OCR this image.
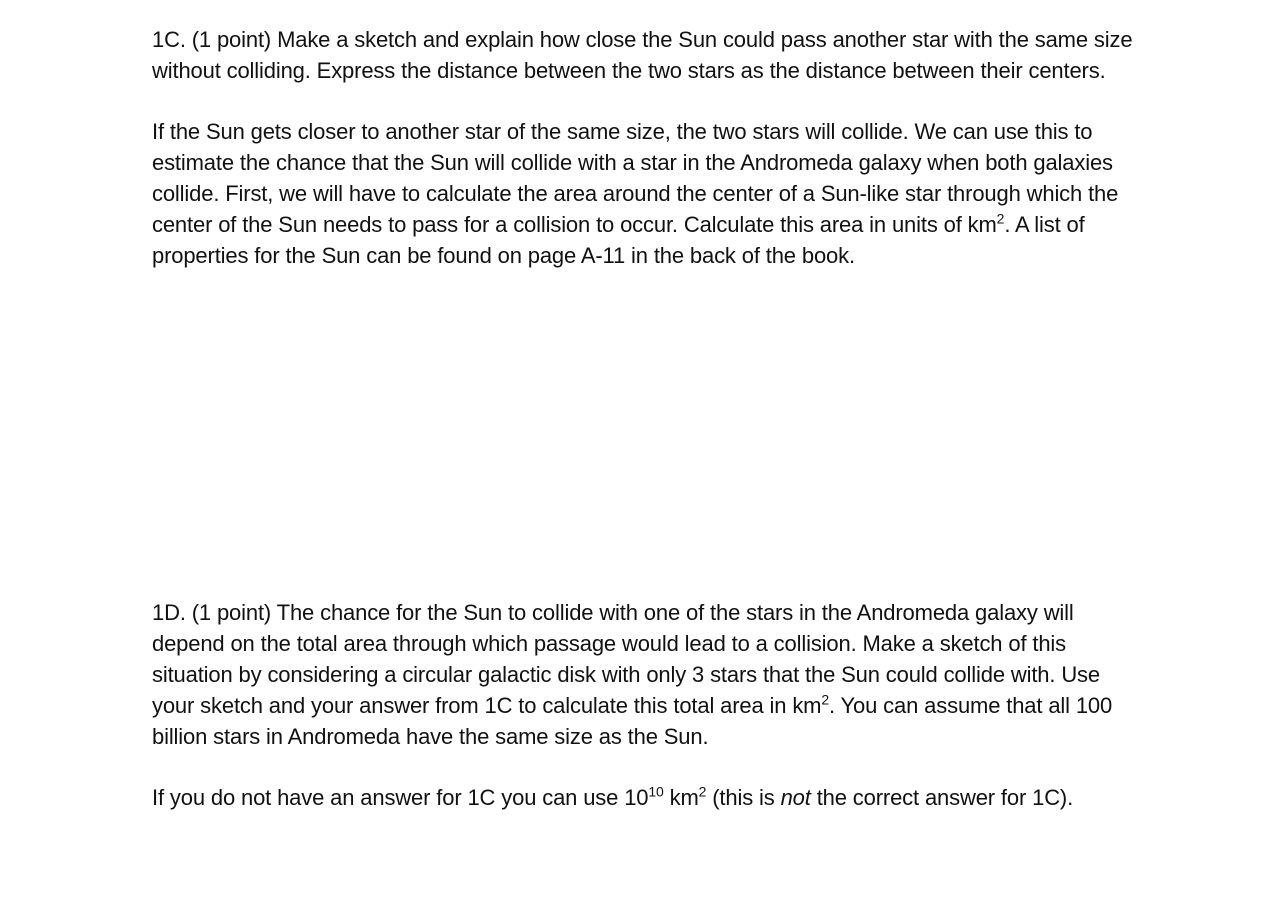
1C. (1 point) Make a sketch and explain how close the Sun could pass another star with the same size without colliding. Express the distance between the two stars as the distance between their centers.

If the Sun gets closer to another star of the same size, the two stars will collide. We can use this to estimate the chance that the Sun will collide with a star in the Andromeda galaxy when both galaxies collide. First, we will have to calculate the area around the center of a Sun-like star through which the center of the Sun needs to pass for a collision to occur. Calculate this area in units of $km^2$. A list of properties for the Sun can be found on page A-11 in the back of the book.

1D. (1 point) The chance for the Sun to collide with one of the stars in the Andromeda galaxy will depend on the total area through which passage would lead to a collision. Make a sketch of this situation by considering a circular galactic disk with only 3 stars that the Sun could collide with. Use your sketch and your answer from 1C to calculate this total area in $km^2$. You can assume that all 100 billion stars in Andromeda have the same size as the Sun.

If you do not have an answer for 1C you can use $10^{10}$ $km^2$ (this is not the correct answer for 1C).
